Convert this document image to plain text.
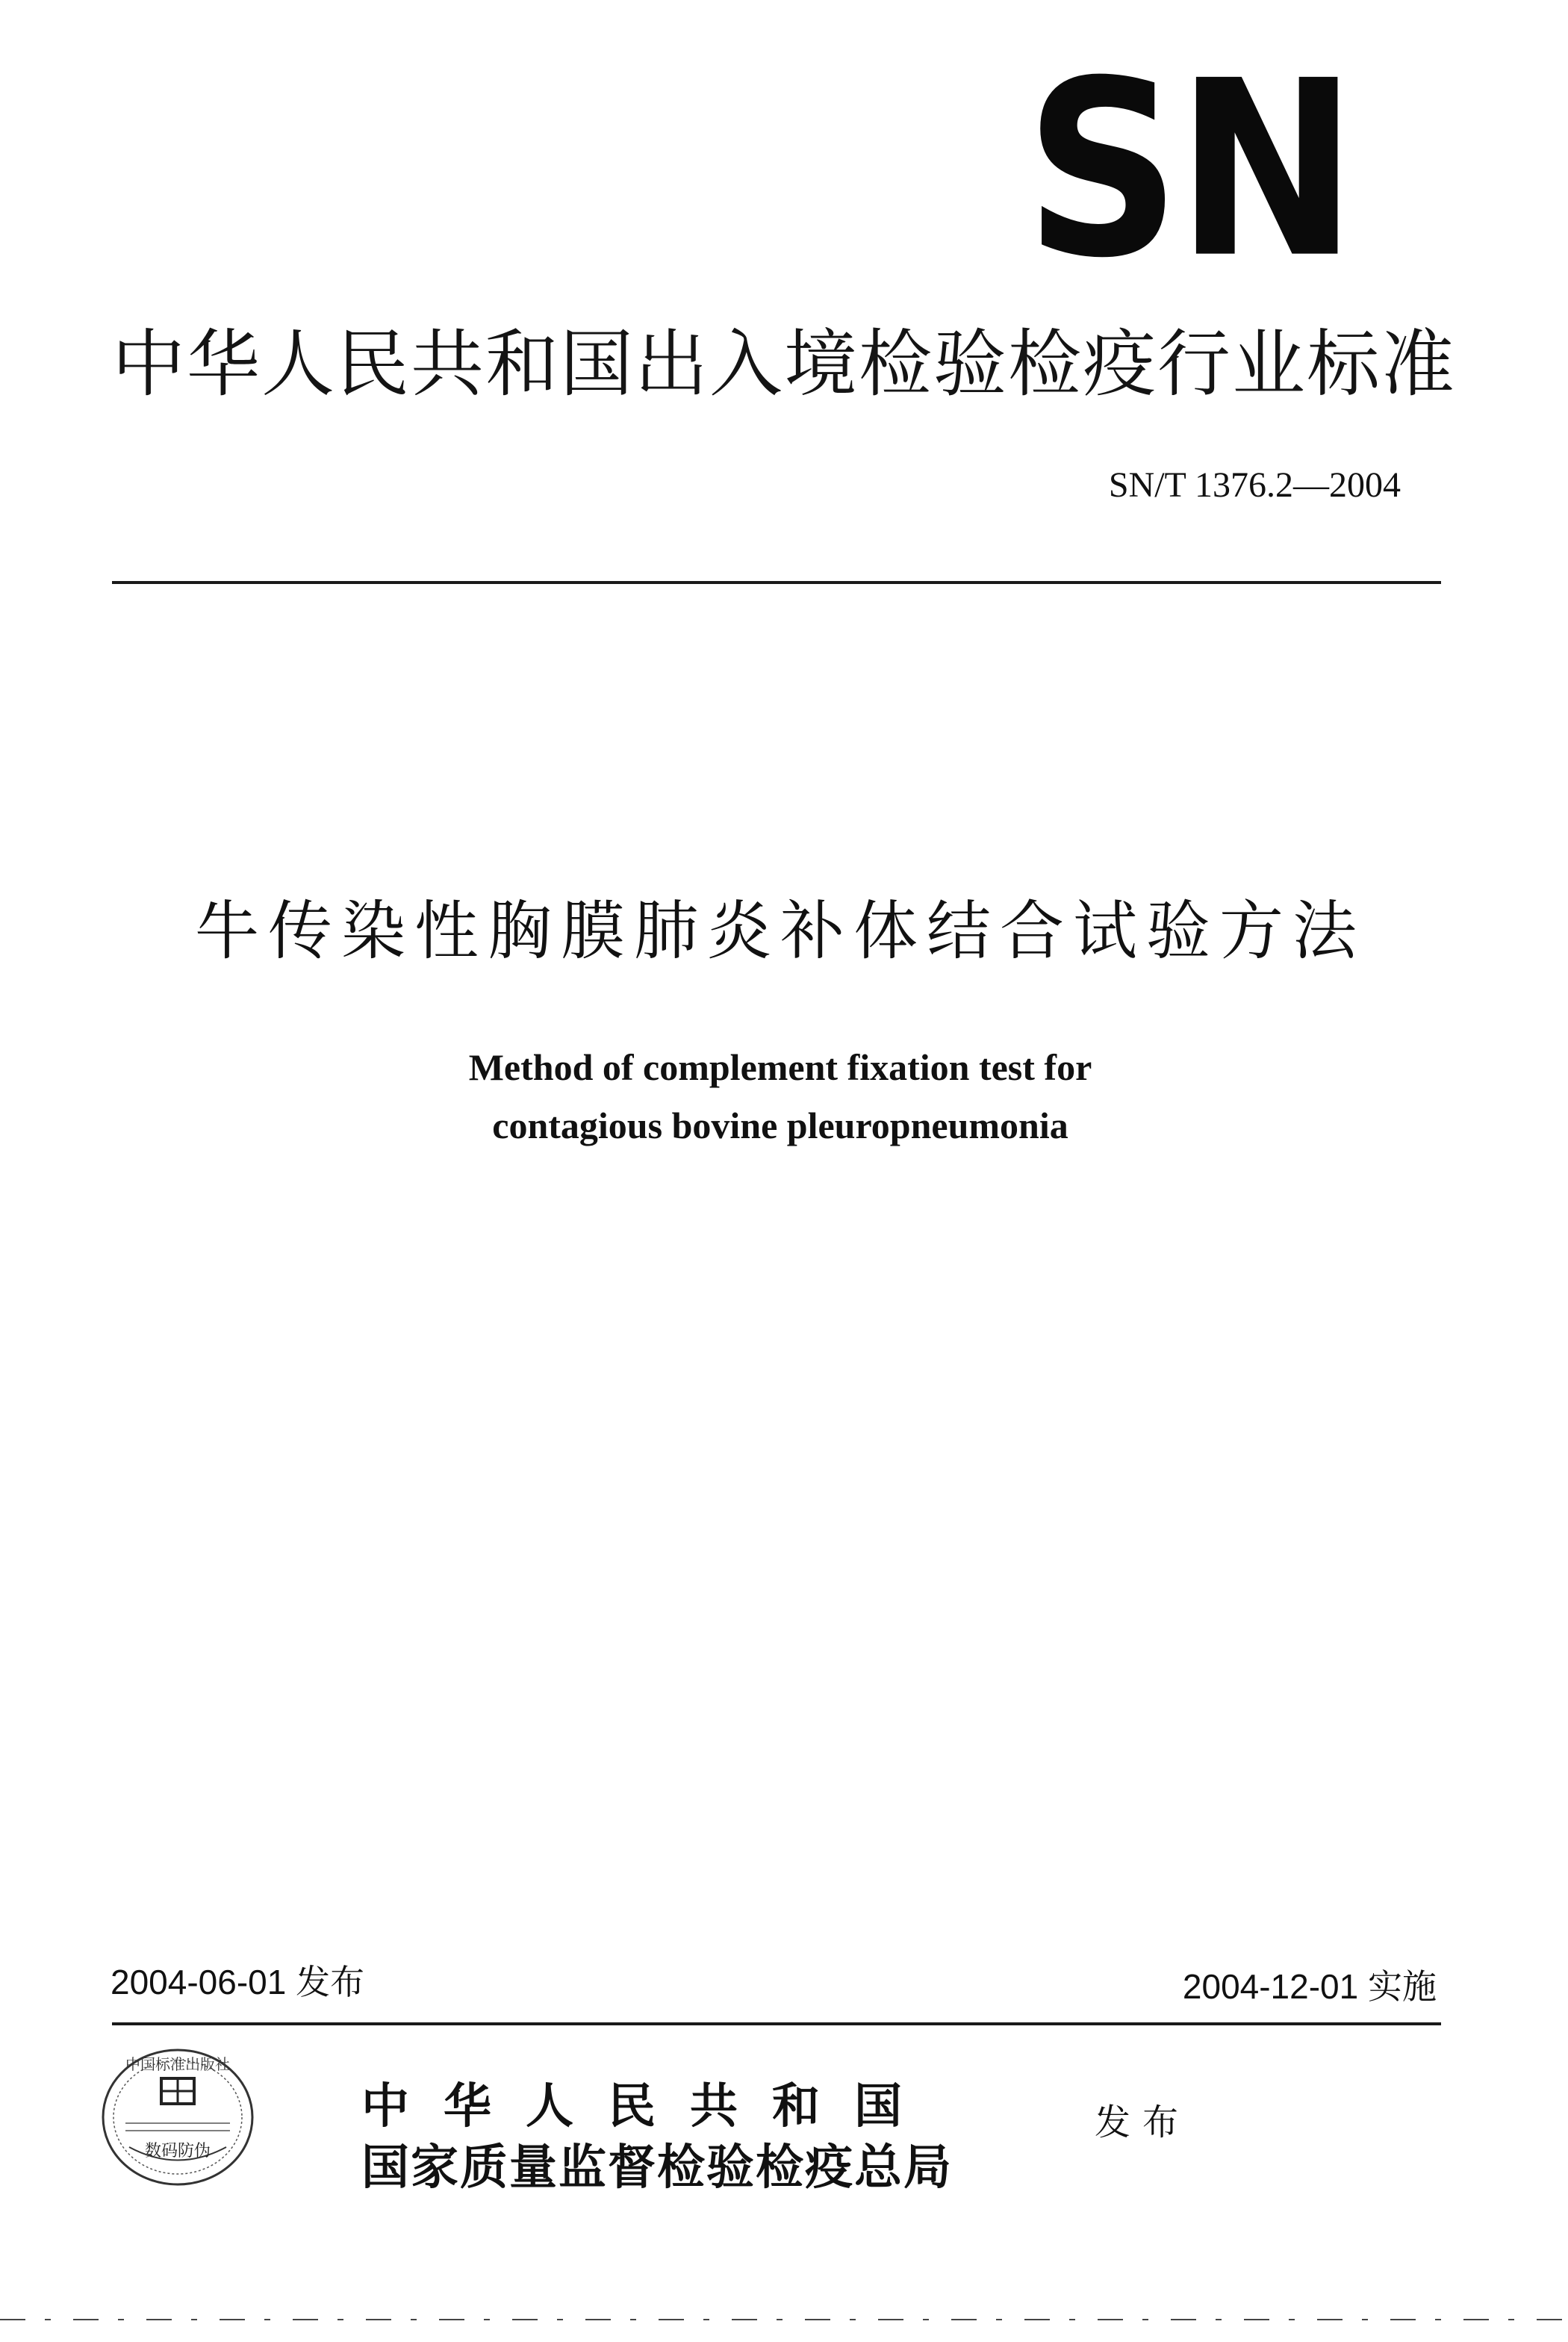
SN
中华人民共和国出入境检验检疫行业标准
SN/T 1376.2—2004
牛传染性胸膜肺炎补体结合试验方法
Method of complement fixation test for
contagious bovine pleuropneumonia
2004-06-01 发布	2004-12-01 实施
中国标准出版社
数码防伪
中华人民共和国
国家质量监督检验检疫总局
发布
